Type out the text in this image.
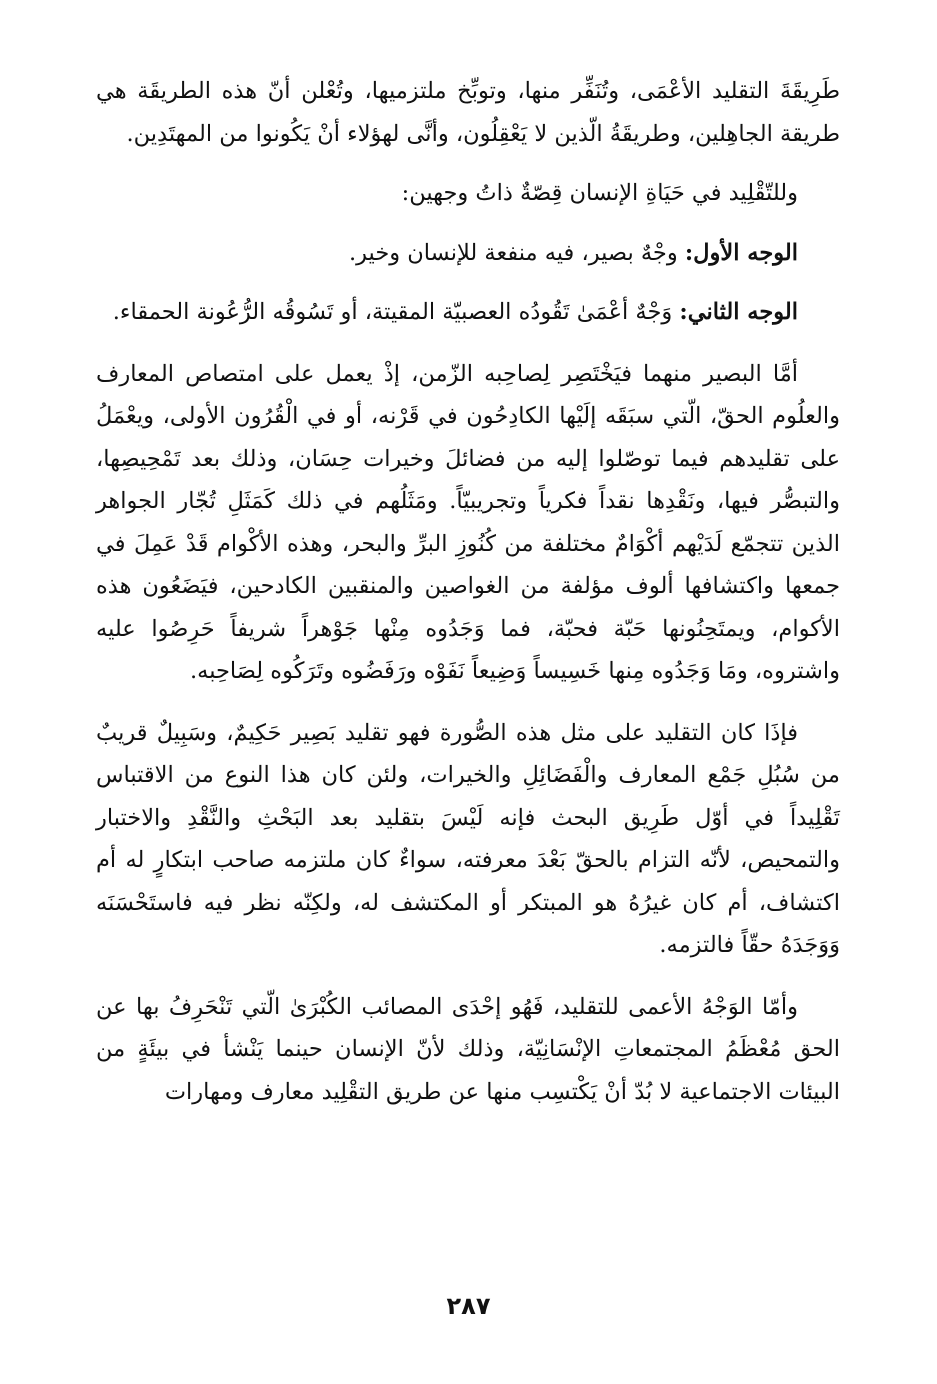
طَرِيقَةَ التقليد الأعْمَى، وتُنَفِّر منها، وتوبِّخ ملتزميها، وتُعْلن أنّ هذه الطريقَة هي طريقة الجاهِلين، وطريقَةُ الّذين لا يَعْقِلُون، وأنَّى لهؤلاء أنْ يَكُونوا من المهتَدِين.

وللتّقْلِيد في حَيَاةِ الإنسان قِصّةٌ ذاتُ وجهين:

الوجه الأول: وجْهٌ بصير، فيه منفعة للإنسان وخير.

الوجه الثاني: وَجْهٌ أعْمَىٰ تَقُودُه العصبيّة المقيتة، أو تَسُوقُه الرُّعُونة الحمقاء.

أمَّا البصير منهما فيَخْتَصِر لِصاحِبه الزّمن، إذْ يعمل على امتصاص المعارف والعلُوم الحقّ، الّتي سبَقَه إلَيْها الكادِحُون في قَرْنه، أو في الْقُرُون الأولى، ويعْمَلُ على تقليدهم فيما توصّلوا إليه من فضائلَ وخيرات حِسَان، وذلك بعد تَمْحِيصِها، والتبصُّر فيها، ونَقْدِها نقداً فكرياً وتجريبيّاً. ومَثَلُهم في ذلك كَمَثَلِ تُجّار الجواهر الذين تتجمّع لَدَيْهم أكْوَامٌ مختلفة من كُنُوزِ البرِّ والبحر، وهذه الأكْوام قَدْ عَمِلَ في جمعها واكتشافها ألوف مؤلفة من الغواصين والمنقبين الكادحين، فيَضَعُون هذه الأكوام، ويمتَحِنُونها حَبّة فحبّة، فما وَجَدُوه مِنْها جَوْهراً شريفاً حَرِصُوا عليه واشتروه، ومَا وَجَدُوه مِنها خَسِيساً وَضِيعاً نَفَوْه ورَفَضُوه وتَرَكُوه لِصَاحِبه.

فإذَا كان التقليد على مثل هذه الصُّورة فهو تقليد بَصِير حَكِيمٌ، وسَبِيلٌ قريبٌ من سُبُلِ جَمْع المعارف والْفَضَائِلِ والخيرات، ولئن كان هذا النوع من الاقتباس تَقْلِيداً في أوّل طَرِيق البحث فإنه لَيْسَ بتقليد بعد البَحْثِ والنَّقْدِ والاختبار والتمحيص، لأنّه التزام بالحقّ بَعْدَ معرفته، سواءٌ كان ملتزمه صاحب ابتكارٍ له أم اكتشاف، أم كان غيرُهُ هو المبتكر أو المكتشف له، ولكِنّه نظر فيه فاستَحْسَنَه وَوَجَدَهُ حقّاً فالتزمه.

وأمّا الوَجْهُ الأعمى للتقليد، فَهُو إحْدَى المصائب الكُبْرَىٰ الّتي تَنْحَرِفُ بها عن الحق مُعْظَمُ المجتمعاتِ الإنْسَانِيّة، وذلك لأنّ الإنسان حينما يَنْشأ في بيئَةٍ من البيئات الاجتماعية لا بُدّ أنْ يَكْتسِب منها عن طريق التقْلِيد معارف ومهارات

٢٨٧
